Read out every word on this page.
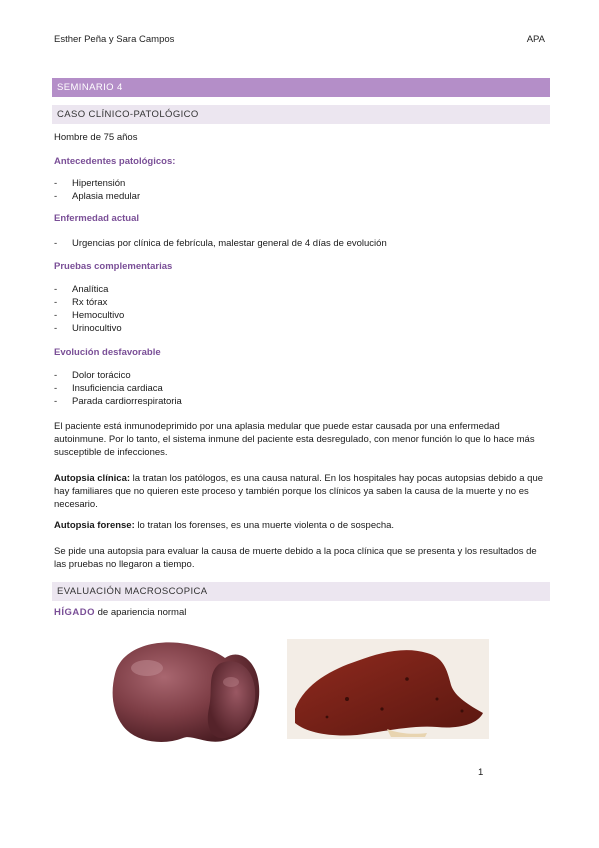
Esther Peña y Sara Campos	APA
SEMINARIO 4
CASO CLÍNICO-PATOLÓGICO
Hombre de 75 años
Antecedentes patológicos:
- Hipertensión
- Aplasia medular
Enfermedad actual
- Urgencias por clínica de febrícula, malestar general de 4 días de evolución
Pruebas complementarias
- Analítica
- Rx tórax
- Hemocultivo
- Urinocultivo
Evolución desfavorable
- Dolor torácico
- Insuficiencia cardiaca
- Parada cardiorrespiratoria
El paciente está inmunodeprimido por una aplasia medular que puede estar causada por una enfermedad autoinmune. Por lo tanto, el sistema inmune del paciente esta desregulado, con menor función lo que lo hace más susceptible de infecciones.
Autopsia clínica: la tratan los patólogos, es una causa natural. En los hospitales hay pocas autopsias debido a que hay familiares que no quieren este proceso y también porque los clínicos ya saben la causa de la muerte y no es necesario.
Autopsia forense: lo tratan los forenses, es una muerte violenta o de sospecha.
Se pide una autopsia para evaluar la causa de muerte debido a la poca clínica que se presenta y los resultados de las pruebas no llegaron a tiempo.
EVALUACIÓN MACROSCOPICA
HÍGADO de apariencia normal
1
